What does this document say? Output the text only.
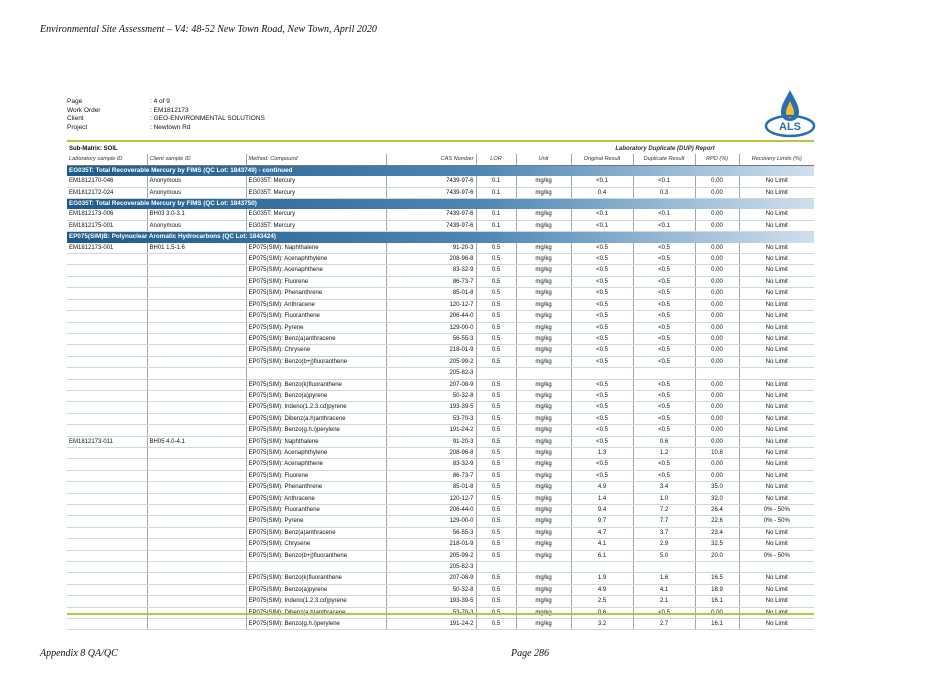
Environmental Site Assessment – V4: 48-52 New Town Road, New Town, April 2020
Page	: 4 of 9
Work Order	: EM1812173
Client	: GEO-ENVIRONMENTAL SOLUTIONS
Project	: Newtown Rd	ALS
Sub-Matrix: SOIL					Laboratory Duplicate (DUP) Report				
Laboratory sample ID	Client sample ID	Method: Compound	CAS Number	LOR	Unit	Original Result	Duplicate Result	RPD (%)	Recovery Limits (%)
EG035T: Total Recoverable Mercury by FIMS (QC Lot: 1843749) - continued									
EM1812170-046	Anonymous	EG035T: Mercury	7439-97-6	0.1	mg/kg	<0.1	<0.1	0.00	No Limit
EM1812172-024	Anonymous	EG035T: Mercury	7439-97-6	0.1	mg/kg	0.4	0.3	0.00	No Limit
EG035T: Total Recoverable Mercury by FIMS (QC Lot: 1843750)									
EM1812173-006	BH03 3.0-3.1	EG035T: Mercury	7439-97-6	0.1	mg/kg	<0.1	<0.1	0.00	No Limit
EM1812175-001	Anonymous	EG035T: Mercury	7439-97-6	0.1	mg/kg	<0.1	<0.1	0.00	No Limit
EP075(SIM)B: Polynuclear Aromatic Hydrocarbons (QC Lot: 1843424)									
EM1812173-001	BH01 1.5-1.6	EP075(SIM): Naphthalene	91-20-3	0.5	mg/kg	<0.5	<0.5	0.00	No Limit
		EP075(SIM): Acenaphthylene	208-96-8	0.5	mg/kg	<0.5	<0.5	0.00	No Limit
		EP075(SIM): Acenaphthene	83-32-9	0.5	mg/kg	<0.5	<0.5	0.00	No Limit
		EP075(SIM): Fluorene	86-73-7	0.5	mg/kg	<0.5	<0.5	0.00	No Limit
		EP075(SIM): Phenanthrene	85-01-8	0.5	mg/kg	<0.5	<0.5	0.00	No Limit
		EP075(SIM): Anthracene	120-12-7	0.5	mg/kg	<0.5	<0.5	0.00	No Limit
		EP075(SIM): Fluoranthene	206-44-0	0.5	mg/kg	<0.5	<0.5	0.00	No Limit
		EP075(SIM): Pyrene	129-00-0	0.5	mg/kg	<0.5	<0.5	0.00	No Limit
		EP075(SIM): Benz(a)anthracene	56-55-3	0.5	mg/kg	<0.5	<0.5	0.00	No Limit
		EP075(SIM): Chrysene	218-01-9	0.5	mg/kg	<0.5	<0.5	0.00	No Limit
		EP075(SIM): Benzo(b+j)fluoranthene	205-99-2	0.5	mg/kg	<0.5	<0.5	0.00	No Limit
			205-82-3						
		EP075(SIM): Benzo(k)fluoranthene	207-08-9	0.5	mg/kg	<0.5	<0.5	0.00	No Limit
		EP075(SIM): Benzo(a)pyrene	50-32-8	0.5	mg/kg	<0.5	<0.5	0.00	No Limit
		EP075(SIM): Indeno(1.2.3.cd)pyrene	193-39-5	0.5	mg/kg	<0.5	<0.5	0.00	No Limit
		EP075(SIM): Dibenz(a.h)anthracene	53-70-3	0.5	mg/kg	<0.5	<0.5	0.00	No Limit
		EP075(SIM): Benzo(g.h.i)perylene	191-24-2	0.5	mg/kg	<0.5	<0.5	0.00	No Limit
EM1812173-011	BH05 4.0-4.1	EP075(SIM): Naphthalene	91-20-3	0.5	mg/kg	<0.5	0.6	0.00	No Limit
		EP075(SIM): Acenaphthylene	208-96-8	0.5	mg/kg	1.3	1.2	10.8	No Limit
		EP075(SIM): Acenaphthene	83-32-9	0.5	mg/kg	<0.5	<0.5	0.00	No Limit
		EP075(SIM): Fluorene	86-73-7	0.5	mg/kg	<0.5	<0.5	0.00	No Limit
		EP075(SIM): Phenanthrene	85-01-8	0.5	mg/kg	4.9	3.4	35.0	No Limit
		EP075(SIM): Anthracene	120-12-7	0.5	mg/kg	1.4	1.0	32.0	No Limit
		EP075(SIM): Fluoranthene	206-44-0	0.5	mg/kg	9.4	7.2	26.4	0% - 50%
		EP075(SIM): Pyrene	129-00-0	0.5	mg/kg	9.7	7.7	22.6	0% - 50%
		EP075(SIM): Benz(a)anthracene	56-55-3	0.5	mg/kg	4.7	3.7	23.4	No Limit
		EP075(SIM): Chrysene	218-01-9	0.5	mg/kg	4.1	2.9	32.5	No Limit
		EP075(SIM): Benzo(b+j)fluoranthene	205-99-2	0.5	mg/kg	6.1	5.0	20.0	0% - 50%
			205-82-3						
		EP075(SIM): Benzo(k)fluoranthene	207-08-9	0.5	mg/kg	1.9	1.6	16.5	No Limit
		EP075(SIM): Benzo(a)pyrene	50-32-8	0.5	mg/kg	4.9	4.1	18.9	No Limit
		EP075(SIM): Indeno(1.2.3.cd)pyrene	193-39-5	0.5	mg/kg	2.5	2.1	16.1	No Limit

		EP075(SIM): Benzo(g.h.i)perylene	191-24-2	0.5	mg/kg	3.2	2.7	16.1	No Limit
Appendix 8 QA/QC	Page 286
